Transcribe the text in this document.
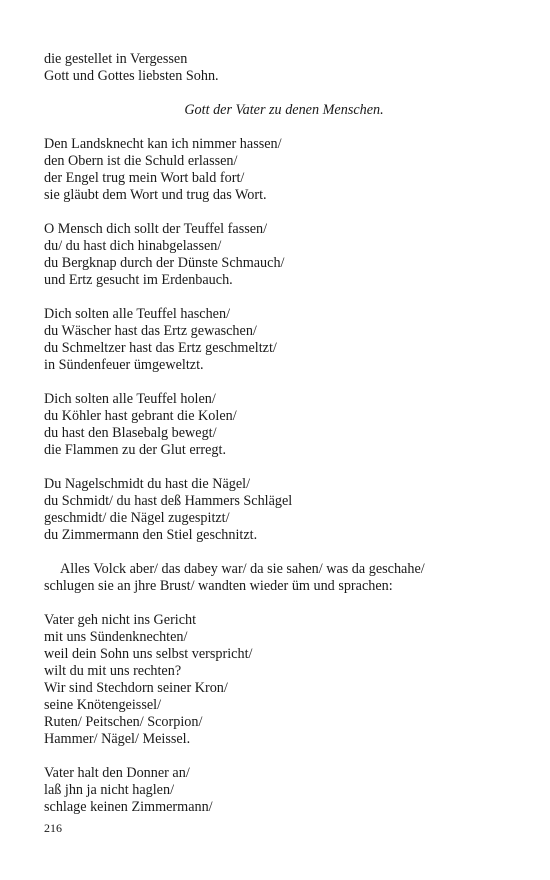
die gestellet in Vergessen
Gott und Gottes liebsten Sohn.
Gott der Vater zu denen Menschen.
Den Landsknecht kan ich nimmer hassen/
den Obern ist die Schuld erlassen/
der Engel trug mein Wort bald fort/
sie gläubt dem Wort und trug das Wort.
O Mensch dich sollt der Teuffel fassen/
du/ du hast dich hinabgelassen/
du Bergknap durch der Dünste Schmauch/
und Ertz gesucht im Erdenbauch.
Dich solten alle Teuffel haschen/
du Wäscher hast das Ertz gewaschen/
du Schmeltzer hast das Ertz geschmeltzt/
in Sündenfeuer ümgeweltzt.
Dich solten alle Teuffel holen/
du Köhler hast gebrant die Kolen/
du hast den Blasebalg bewegt/
die Flammen zu der Glut erregt.
Du Nagelschmidt du hast die Nägel/
du Schmidt/ du hast deß Hammers Schlägel
geschmidt/ die Nägel zugespitzt/
du Zimmermann den Stiel geschnitzt.
Alles Volck aber/ das dabey war/ da sie sahen/ was da geschahe/
schlugen sie an jhre Brust/ wandten wieder üm und sprachen:
Vater geh nicht ins Gericht
mit uns Sündenknechten/
weil dein Sohn uns selbst verspricht/
wilt du mit uns rechten?
Wir sind Stechdorn seiner Kron/
seine Knötengeissel/
Ruten/ Peitschen/ Scorpion/
Hammer/ Nägel/ Meissel.
Vater halt den Donner an/
laß jhn ja nicht haglen/
schlage keinen Zimmermann/
216
